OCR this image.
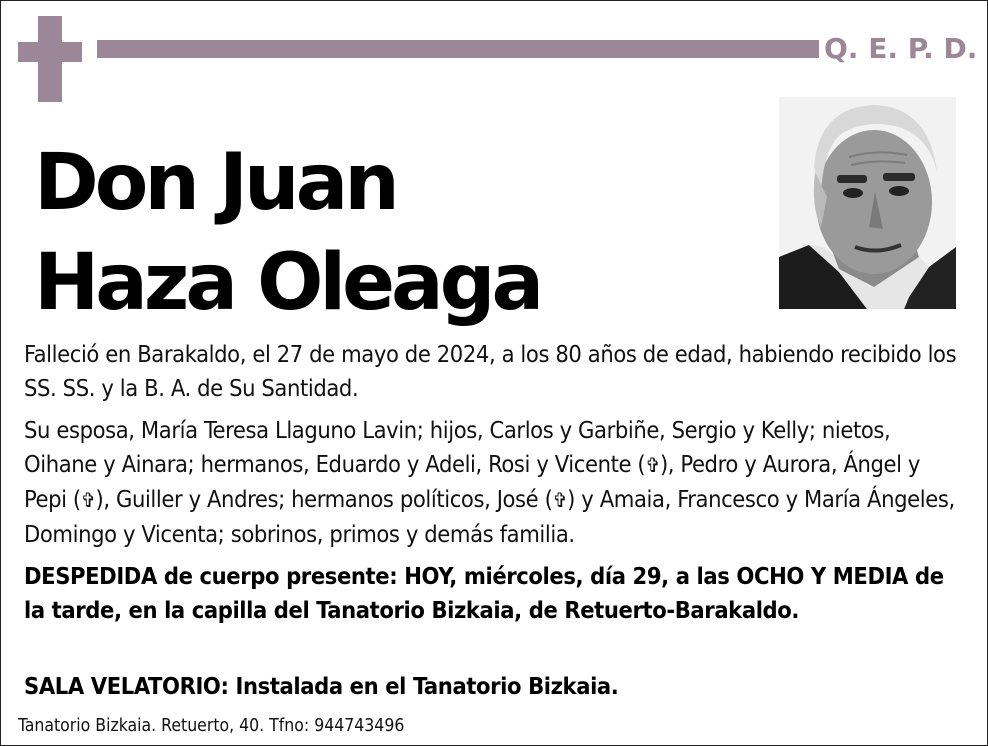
Q. E. P. D.
Don Juan
Haza Oleaga
Falleció en Barakaldo, el 27 de mayo de 2024, a los 80 años de edad, habiendo recibido los SS. SS. y la B. A. de Su Santidad.
Su esposa, María Teresa Llaguno Lavin; hijos, Carlos y Garbiñe, Sergio y Kelly; nietos, Oihane y Ainara; hermanos, Eduardo y Adeli, Rosi y Vicente (✞), Pedro y Aurora, Ángel y Pepi (✞), Guiller y Andres; hermanos políticos, José (✞) y Amaia, Francesco y María Ángeles, Domingo y Vicenta; sobrinos, primos y demás familia.
DESPEDIDA de cuerpo presente: HOY, miércoles, día 29, a las OCHO Y MEDIA de la tarde, en la capilla del Tanatorio Bizkaia, de Retuerto-Barakaldo.
SALA VELATORIO: Instalada en el Tanatorio Bizkaia.
Tanatorio Bizkaia. Retuerto, 40. Tfno: 944743496
